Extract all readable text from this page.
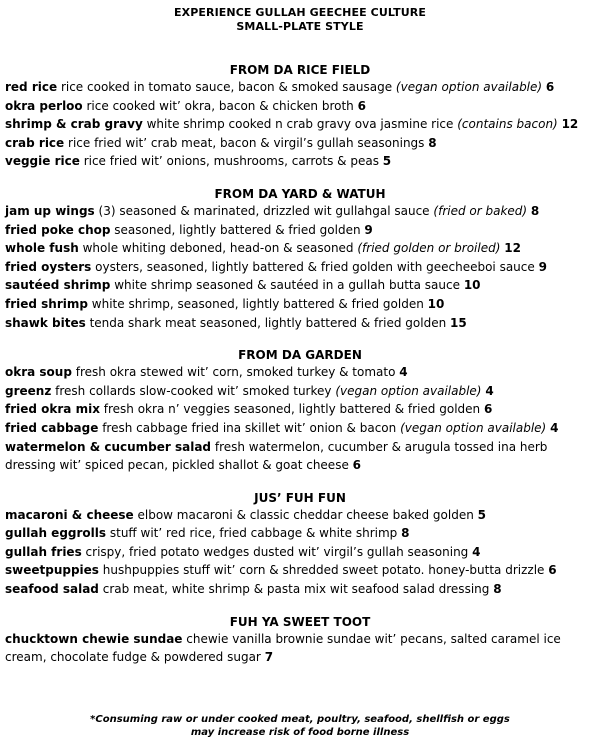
EXPERIENCE GULLAH GEECHEE CULTURE
SMALL-PLATE STYLE
FROM DA RICE FIELD
red rice rice cooked in tomato sauce, bacon & smoked sausage (vegan option available) 6
okra perloo rice cooked wit’ okra, bacon & chicken broth 6
shrimp & crab gravy white shrimp cooked n crab gravy ova jasmine rice (contains bacon) 12
crab rice rice fried wit’ crab meat, bacon & virgil’s gullah seasonings 8
veggie rice rice fried wit’ onions, mushrooms, carrots & peas 5
FROM DA YARD & WATUH
jam up wings (3) seasoned & marinated, drizzled wit gullahgal sauce (fried or baked) 8
fried poke chop seasoned, lightly battered & fried golden 9
whole fush whole whiting deboned, head-on & seasoned (fried golden or broiled) 12
fried oysters oysters, seasoned, lightly battered & fried golden with geecheeboi sauce 9
sautéed shrimp white shrimp seasoned & sautéed in a gullah butta sauce 10
fried shrimp white shrimp, seasoned, lightly battered & fried golden 10
shawk bites tenda shark meat seasoned, lightly battered & fried golden 15
FROM DA GARDEN
okra soup fresh okra stewed wit’ corn, smoked turkey & tomato 4
greenz fresh collards slow-cooked wit’ smoked turkey (vegan option available) 4
fried okra mix fresh okra n’ veggies seasoned, lightly battered & fried golden 6
fried cabbage fresh cabbage fried ina skillet wit’ onion & bacon (vegan option available) 4
watermelon & cucumber salad fresh watermelon, cucumber & arugula tossed ina herb dressing wit’ spiced pecan, pickled shallot & goat cheese 6
JUS’ FUH FUN
macaroni & cheese elbow macaroni & classic cheddar cheese baked golden 5
gullah eggrolls stuff wit’ red rice, fried cabbage & white shrimp 8
gullah fries crispy, fried potato wedges dusted wit’ virgil’s gullah seasoning 4
sweetpuppies hushpuppies stuff wit’ corn & shredded sweet potato. honey-butta drizzle 6
seafood salad crab meat, white shrimp & pasta mix wit seafood salad dressing 8
FUH YA SWEET TOOT
chucktown chewie sundae chewie vanilla brownie sundae wit’ pecans, salted caramel ice cream, chocolate fudge & powdered sugar 7
*Consuming raw or under cooked meat, poultry, seafood, shellfish or eggs
may increase risk of food borne illness
